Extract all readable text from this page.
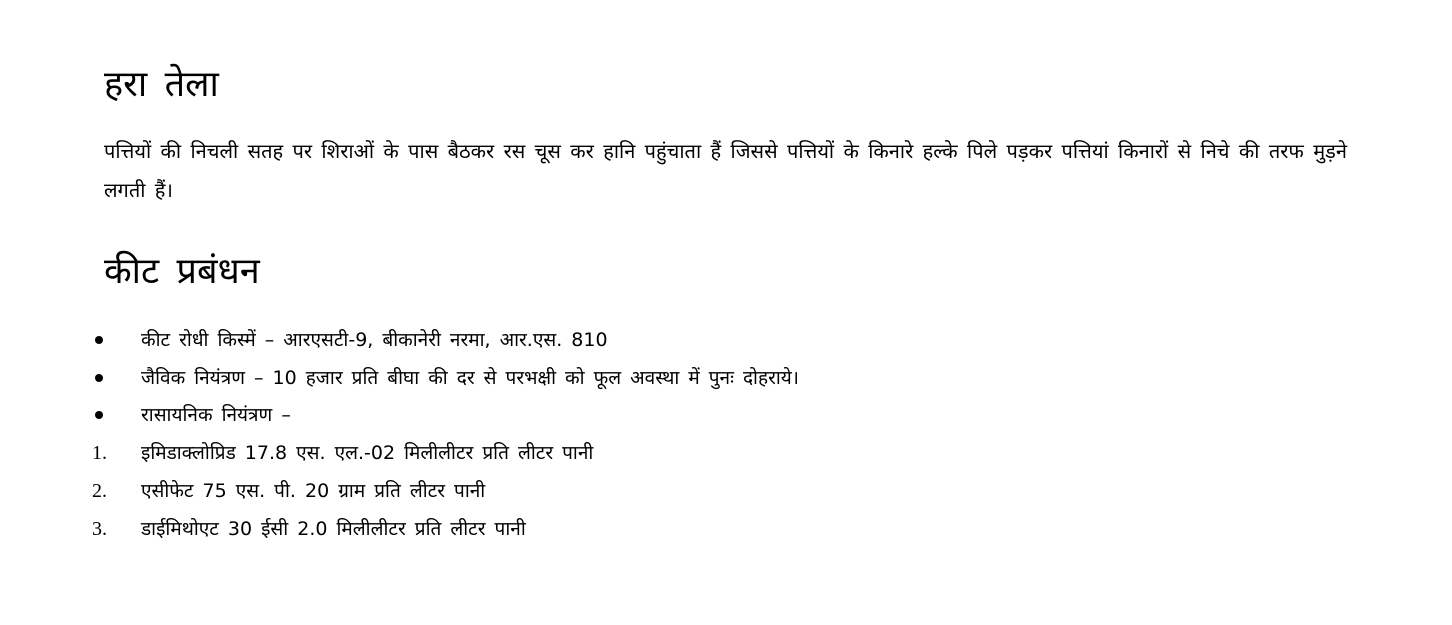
हरा तेला
पत्तियों की निचली सतह पर शिराओं के पास बैठकर रस चूस कर हानि पहुंचाता हैं जिससे पत्तियों के किनारे हल्के पिले पड़कर पत्तियां किनारों से निचे की तरफ मुड़ने लगती हैं।
कीट प्रबंधन
कीट रोधी किस्में – आरएसटी-9, बीकानेरी नरमा, आर.एस. 810
जैविक नियंत्रण – 10 हजार प्रति बीघा की दर से परभक्षी को फूल अवस्था में पुनः दोहराये।
रासायनिक नियंत्रण –
1. इमिडाक्लोप्रिड 17.8 एस. एल.-02 मिलीलीटर प्रति लीटर पानी
2. एसीफेट 75 एस. पी. 20 ग्राम प्रति लीटर पानी
3. डाईमिथोएट 30 ईसी 2.0 मिलीलीटर प्रति लीटर पानी
